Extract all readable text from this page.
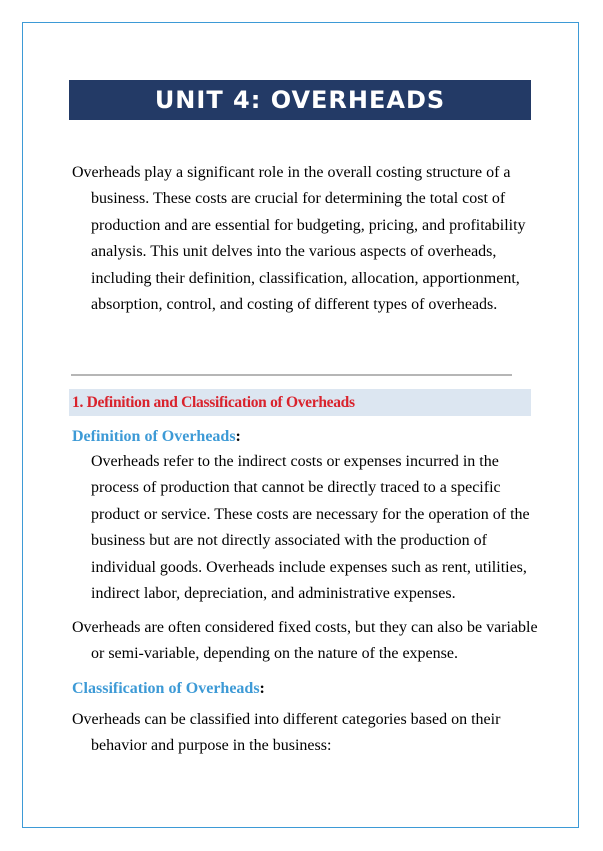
UNIT 4: OVERHEADS

Overheads play a significant role in the overall costing structure of a business. These costs are crucial for determining the total cost of production and are essential for budgeting, pricing, and profitability analysis. This unit delves into the various aspects of overheads, including their definition, classification, allocation, apportionment, absorption, control, and costing of different types of overheads.

1. Definition and Classification of Overheads

Definition of Overheads:

Overheads refer to the indirect costs or expenses incurred in the process of production that cannot be directly traced to a specific product or service. These costs are necessary for the operation of the business but are not directly associated with the production of individual goods. Overheads include expenses such as rent, utilities, indirect labor, depreciation, and administrative expenses.

Overheads are often considered fixed costs, but they can also be variable or semi-variable, depending on the nature of the expense.

Classification of Overheads:

Overheads can be classified into different categories based on their behavior and purpose in the business:
